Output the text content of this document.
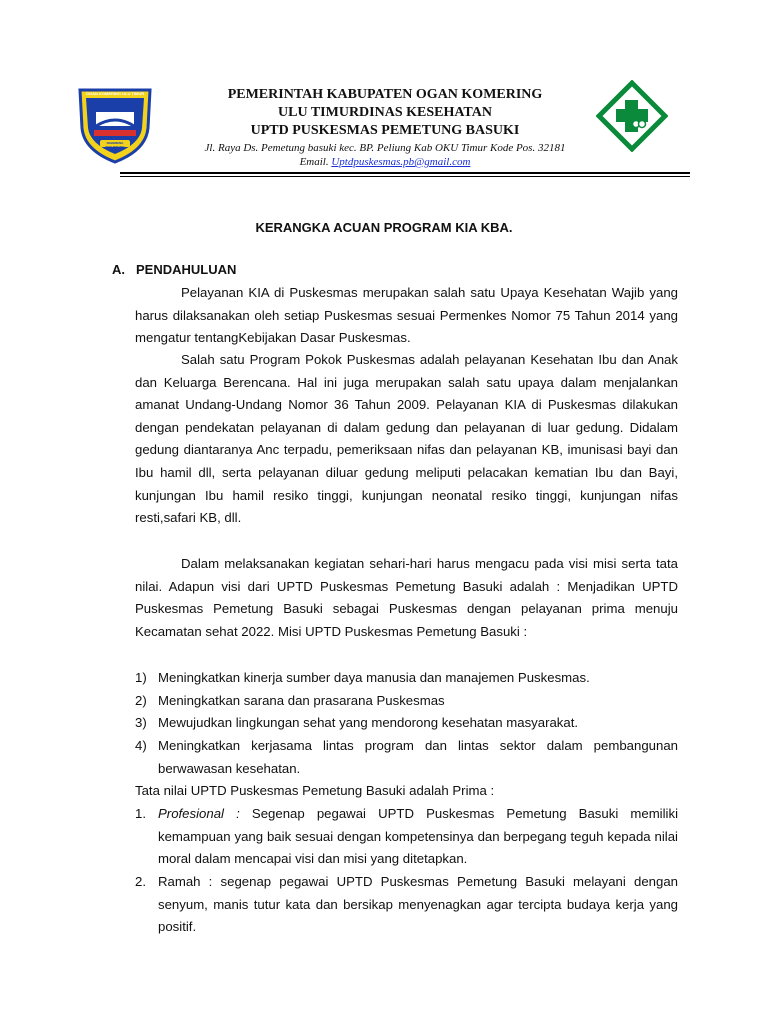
OGAN KOMERING ULU TIMUR
SEBIMBING SEKUNDANG
PEMERINTAH KABUPATEN OGAN KOMERING
ULU TIMURDINAS KESEHATAN
UPTD PUSKESMAS PEMETUNG BASUKI
Jl. Raya Ds. Pemetung basuki kec. BP. Peliung Kab OKU Timur Kode Pos. 32181
Email. Uptdpuskesmas.pb@gmail.com
KERANGKA ACUAN PROGRAM KIA KBA.
A. PENDAHULUAN
Pelayanan KIA di Puskesmas merupakan salah satu Upaya Kesehatan Wajib yang harus dilaksanakan oleh setiap Puskesmas sesuai Permenkes Nomor 75 Tahun 2014 yang mengatur tentangKebijakan Dasar Puskesmas.
Salah satu Program Pokok Puskesmas adalah pelayanan Kesehatan Ibu dan Anak dan Keluarga Berencana. Hal ini juga merupakan salah satu upaya dalam menjalankan amanat Undang-Undang Nomor 36 Tahun 2009. Pelayanan KIA di Puskesmas dilakukan dengan pendekatan pelayanan di dalam gedung dan pelayanan di luar gedung. Didalam gedung diantaranya Anc terpadu, pemeriksaan nifas dan pelayanan KB, imunisasi bayi dan Ibu hamil dll, serta pelayanan diluar gedung meliputi pelacakan kematian Ibu dan Bayi, kunjungan Ibu hamil resiko tinggi, kunjungan neonatal resiko tinggi, kunjungan nifas resti,safari KB, dll.
Dalam melaksanakan kegiatan sehari-hari harus mengacu pada visi misi serta tata nilai. Adapun visi dari UPTD Puskesmas Pemetung Basuki adalah : Menjadikan UPTD Puskesmas Pemetung Basuki sebagai Puskesmas dengan pelayanan prima menuju Kecamatan sehat 2022. Misi UPTD Puskesmas Pemetung Basuki :
1) Meningkatkan kinerja sumber daya manusia dan manajemen Puskesmas.
2) Meningkatkan sarana dan prasarana Puskesmas
3) Mewujudkan lingkungan sehat yang mendorong kesehatan masyarakat.
4) Meningkatkan kerjasama lintas program dan lintas sektor dalam pembangunan berwawasan kesehatan.
Tata nilai UPTD Puskesmas Pemetung Basuki adalah Prima :
1. Profesional : Segenap pegawai UPTD Puskesmas Pemetung Basuki memiliki kemampuan yang baik sesuai dengan kompetensinya dan berpegang teguh kepada nilai moral dalam mencapai visi dan misi yang ditetapkan.
2. Ramah : segenap pegawai UPTD Puskesmas Pemetung Basuki melayani dengan senyum, manis tutur kata dan bersikap menyenagkan agar tercipta budaya kerja yang positif.
